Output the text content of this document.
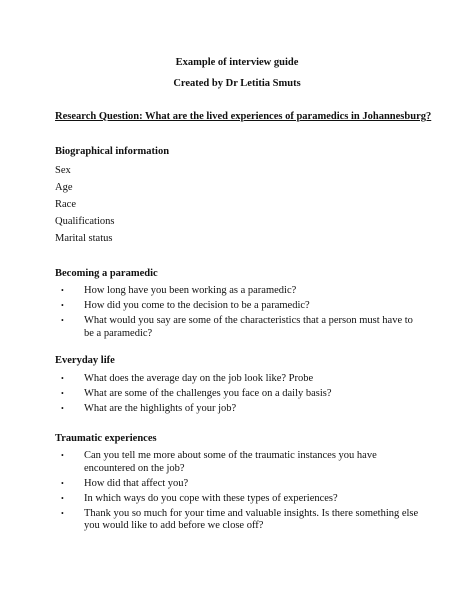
Example of interview guide
Created by Dr Letitia Smuts
Research Question: What are the lived experiences of paramedics in Johannesburg?
Biographical information
Sex
Age
Race
Qualifications
Marital status
Becoming a paramedic
• How long have you been working as a paramedic?
• How did you come to the decision to be a paramedic?
• What would you say are some of the characteristics that a person must have to be a paramedic?
Everyday life
• What does the average day on the job look like? Probe
• What are some of the challenges you face on a daily basis?
• What are the highlights of your job?
Traumatic experiences
• Can you tell me more about some of the traumatic instances you have encountered on the job?
• How did that affect you?
• In which ways do you cope with these types of experiences?
• Thank you so much for your time and valuable insights. Is there something else you would like to add before we close off?
